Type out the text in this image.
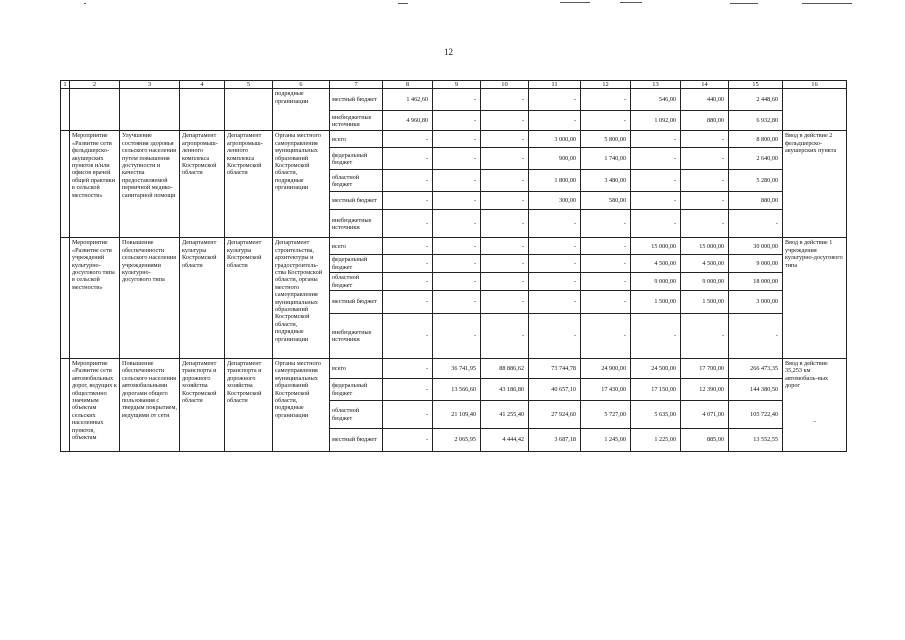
12
1	2	3	4	5	6	7	8	9	10	11	12	13	14	15	16
					подрядные организации	местный бюджет	1 462,60	-	-	-	-	546,00	440,00	2 448,60	
						внебюджетные источники	4 960,80	-	-	-	-	1 092,00	880,00	6 932,80	
	Мероприятие «Развитие сети фельдшерско-акушерских пунктов и/или офисов врачей общей практики в сельской местности»	Улучшение состояния здоровья сельского населения путем повышения доступности и качества предоставляемой первичной медико-санитарной помощи	Департамент агропромыш-ленного комплекса Костромской области	Департамент агропромыш-ленного комплекса Костромской области	Органы местного самоуправления муниципальных образований Костромской области, подрядные организации	всего	-	-	-	3 000,00	5 800,00	-	-	8 800,00	Ввод в действие 2 фельдшерско-акушерских пункта

						федеральный бюджет	-	-	-	900,00	1 740,00	-	-	2 640,00	
						областной бюджет	-	-	-	1 800,00	3 480,00	-	-	5 280,00	
						местный бюджет	-	-	-	300,00	580,00	-	-	880,00	
						внебюджетные источники	-	-	-	-	-	-	-	-	
	Мероприятие «Развитие сети учреждений культурно-досугового типа в сельской местности»	Повышение обеспеченности сельского населения учреждениями культурно-досугового типа	Департамент культуры Костромской области	Департамент культуры Костромской области	Департамент строительства, архитектуры и градостроитель-ства Костромской области, органы местного самоуправления муниципальных образований Костромской области, подрядные организации	всего	-	-	-	-	-	15 000,00	15 000,00	30 000,00	Ввод в действие 1 учреждения культурно-досугового типа

						федеральный бюджет	-	-	-	-	-	4 500,00	4 500,00	9 000,00	
						областной бюджет	-	-	-	-	-	9 000,00	9 000,00	18 000,00	
						местный бюджет	-	-	-	-	-	1 500,00	1 500,00	3 000,00	
						внебюджетные источники	-	-	-	-	-	-	-	-	
	Мероприятие «Развитие сети автомобильных дорог, ведущих к общественно значимым объектам сельских населенных пунктов, объектам	Повышение обеспеченности сельского населения автомобильными дорогами общего пользования с твердым покрытием, ведущими от сети	Департамент транспорта и дорожного хозяйства Костромской области	Департамент транспорта и дорожного хозяйства Костромской области	Органы местного самоуправления муниципальных образований Костромской области, подрядные организации	всего	-	36 741,95	88 886,62	73 744,78	24 900,00	24 500,00	17 700,00	266 473,35	Ввод в действие 35,253 км автомобиль-ных дорог
–

						федеральный бюджет	-	13 566,60	43 186,80	40 657,10	17 430,00	17 150,00	12 390,00	144 380,50	
						областной бюджет	-	21 109,40	41 255,40	27 924,60	5 727,00	5 635,00	4 071,00	105 722,40	
						местный бюджет	-	2 065,95	4 444,42	3 687,18	1 245,00	1 225,00	885,00	13 552,55	
